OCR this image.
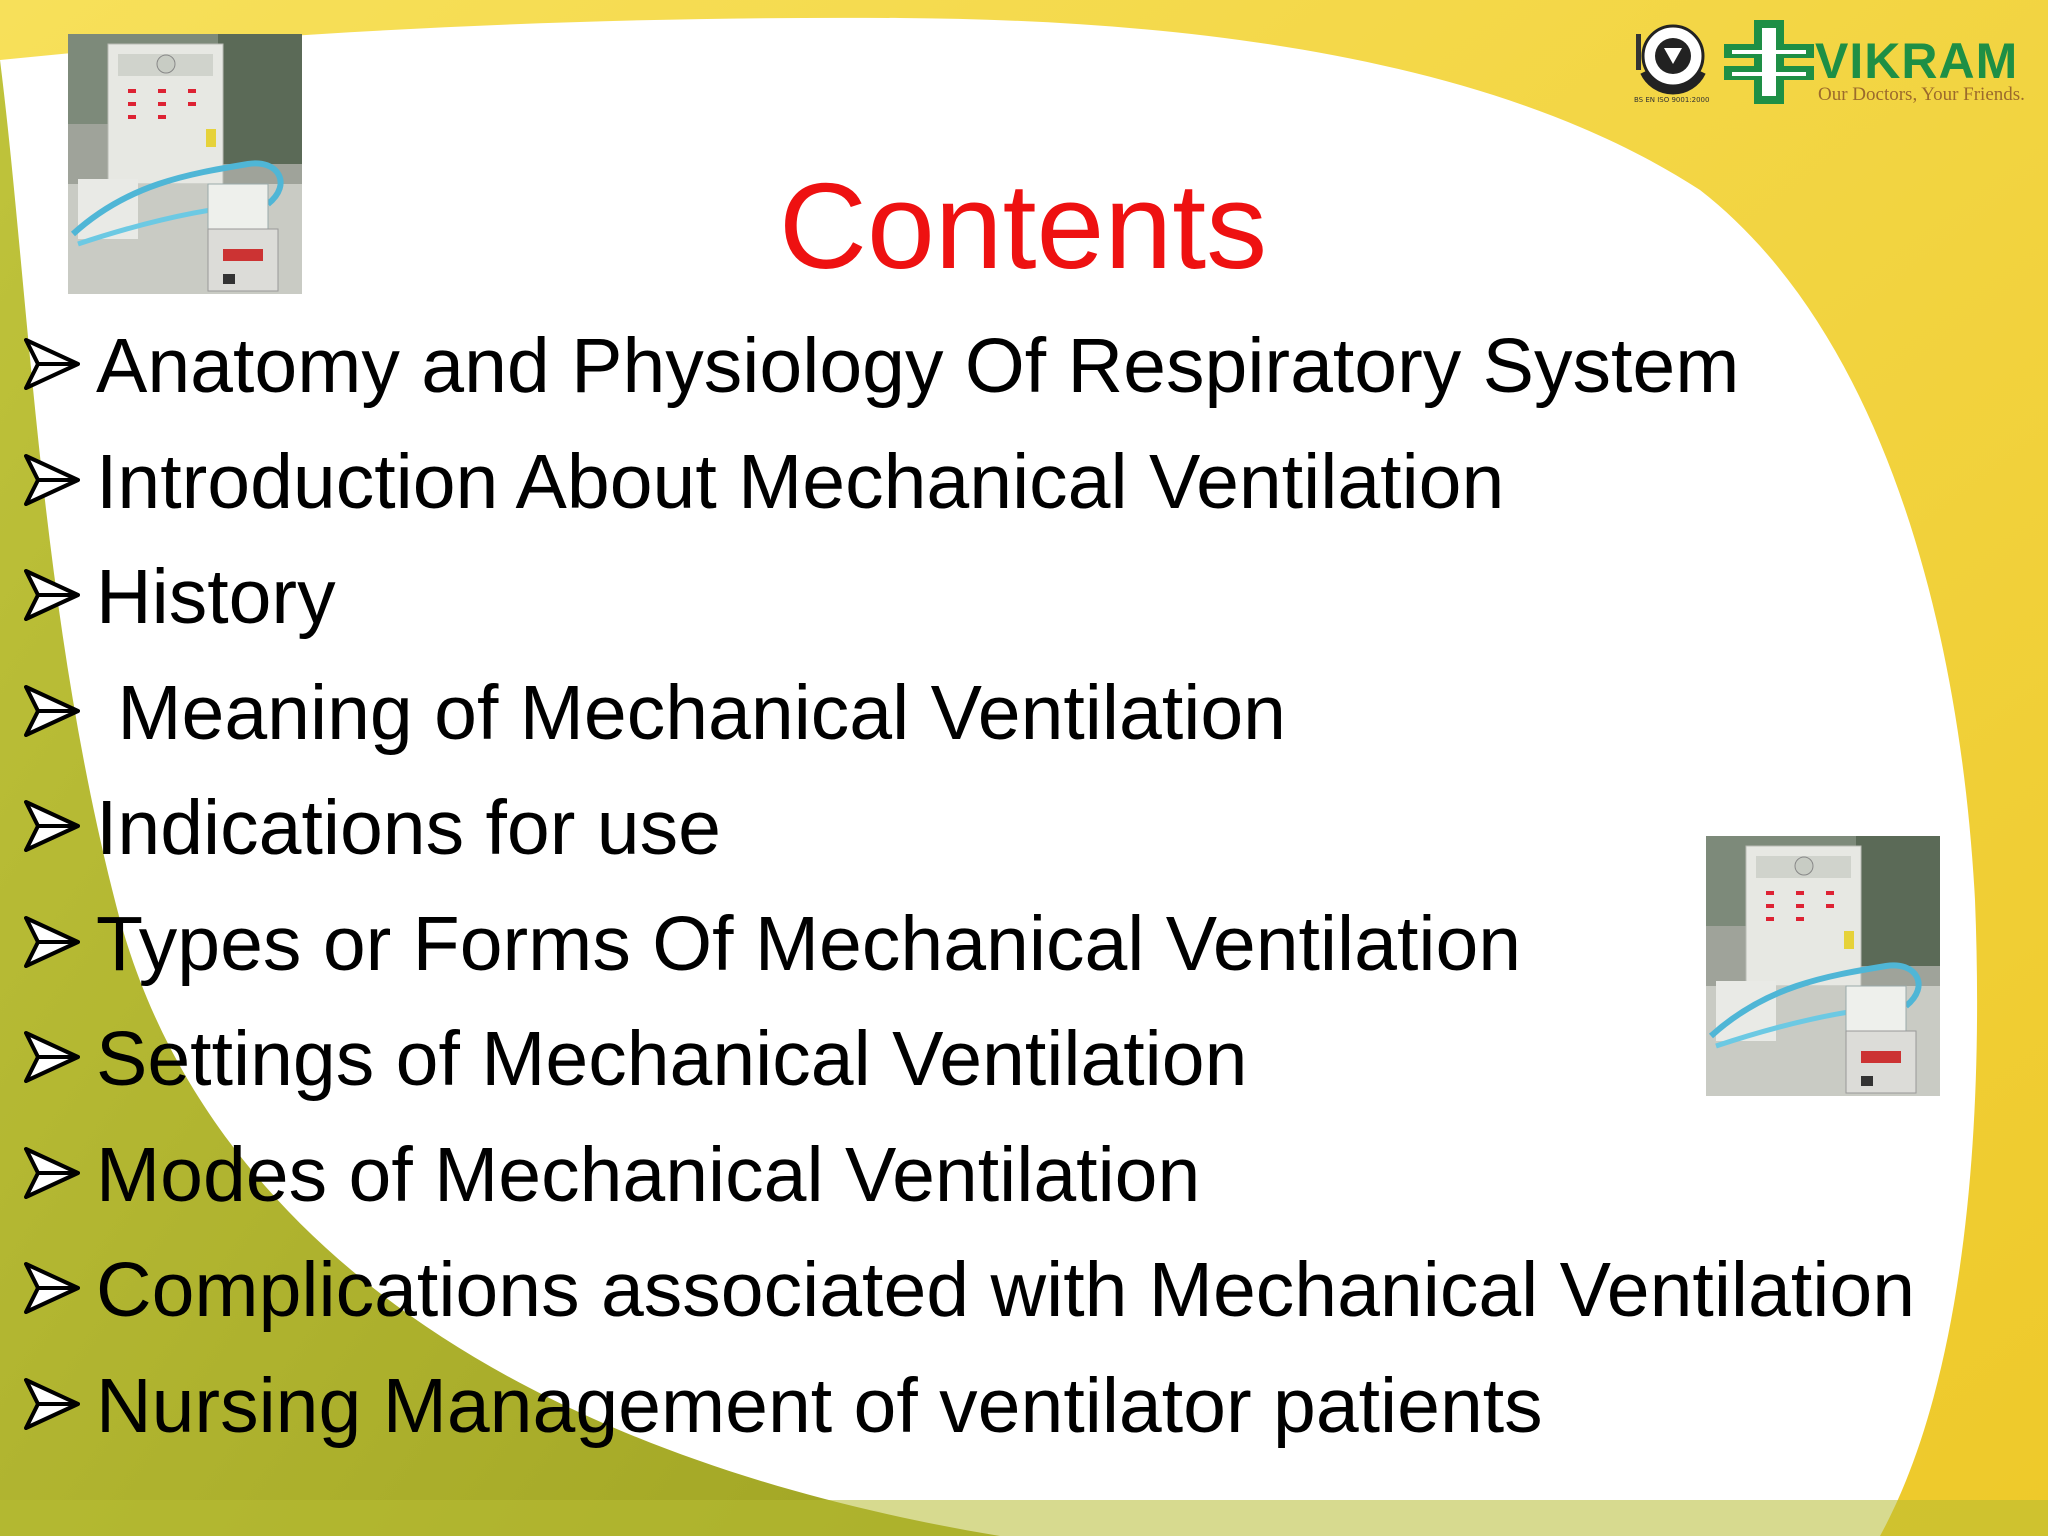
VIKRAM
Our Doctors, Your Friends.
BS EN ISO 9001:2000
Contents
Anatomy and Physiology Of Respiratory System
Introduction About Mechanical Ventilation
History
Meaning of Mechanical Ventilation
Indications for use
Types or Forms Of Mechanical Ventilation
Settings of Mechanical Ventilation
Modes of Mechanical Ventilation
Complications associated with Mechanical Ventilation
Nursing Management of ventilator patients
